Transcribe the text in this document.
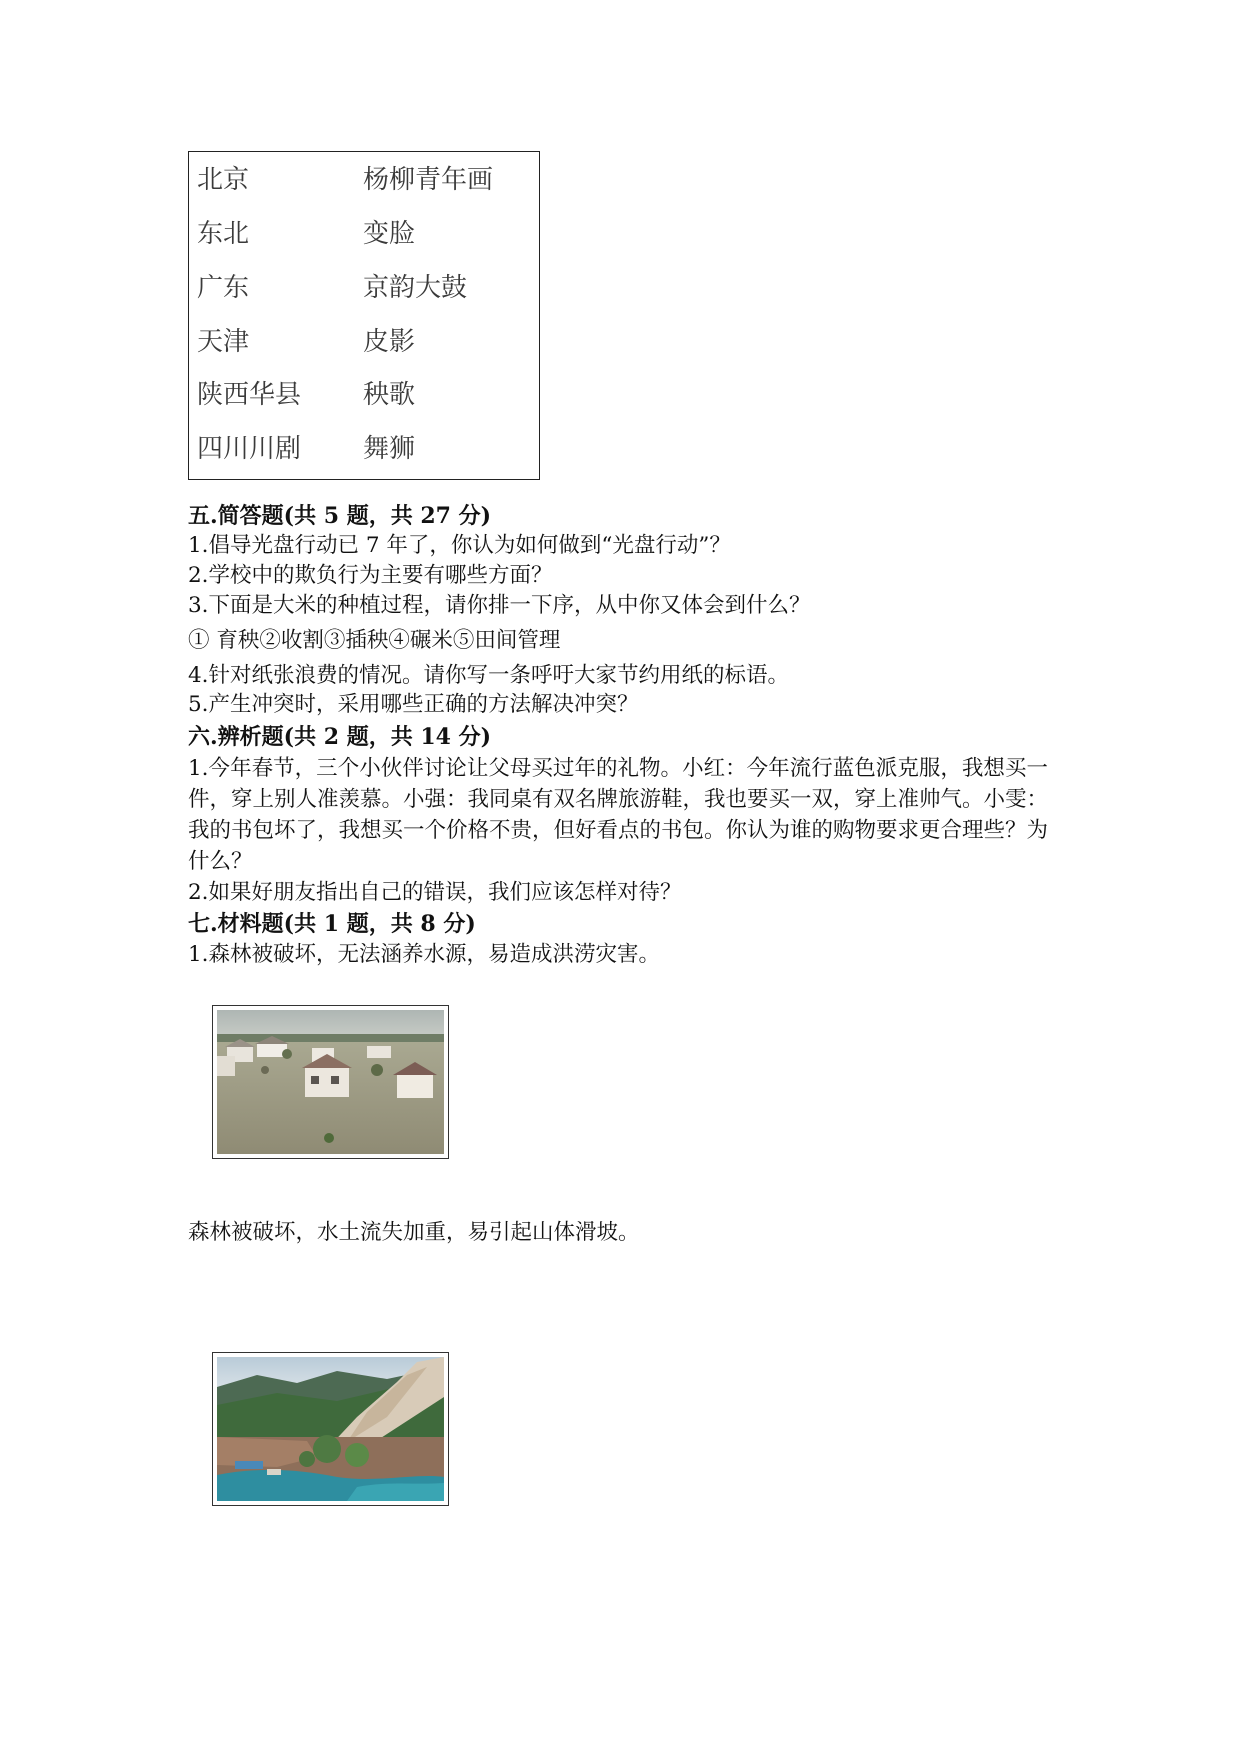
北京	杨柳青年画
东北	变脸
广东	京韵大鼓
天津	皮影
陕西华县	秧歌
四川川剧	舞狮
五.简答题(共 5 题，共 27 分)
1.倡导光盘行动已 7 年了，你认为如何做到“光盘行动”？
2.学校中的欺负行为主要有哪些方面？
3.下面是大米的种植过程，请你排一下序，从中你又体会到什么？
① 育秧②收割③插秧④碾米⑤田间管理
4.针对纸张浪费的情况。请你写一条呼吁大家节约用纸的标语。
5.产生冲突时，采用哪些正确的方法解决冲突？
六.辨析题(共 2 题，共 14 分)
1.今年春节，三个小伙伴讨论让父母买过年的礼物。小红：今年流行蓝色派克服，我想买一件，穿上别人准羡慕。小强：我同桌有双名牌旅游鞋，我也要买一双，穿上准帅气。小雯：我的书包坏了，我想买一个价格不贵，但好看点的书包。你认为谁的购物要求更合理些？为什么？
2.如果好朋友指出自己的错误，我们应该怎样对待？
七.材料题(共 1 题，共 8 分)
1.森林被破坏，无法涵养水源，易造成洪涝灾害。
森林被破坏，水土流失加重，易引起山体滑坡。
